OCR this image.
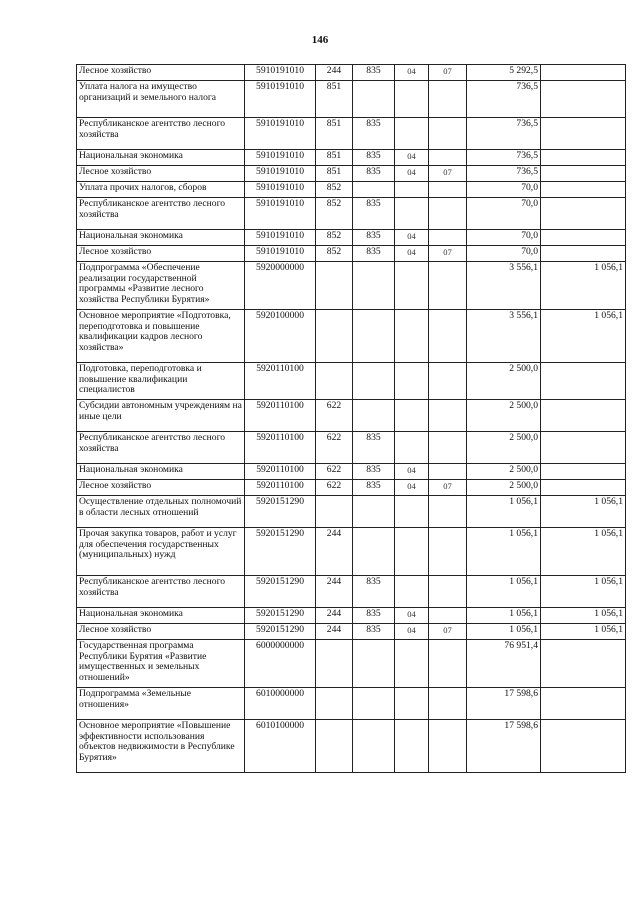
146
Лесное хозяйство	5910191010	244	835	04	07	5 292,5	
Уплата налога на имущество организаций и земельного налога	5910191010	851				736,5	
Республиканское агентство лесного хозяйства	5910191010	851	835			736,5	
Национальная экономика	5910191010	851	835	04		736,5	
Лесное хозяйство	5910191010	851	835	04	07	736,5	
Уплата прочих налогов, сборов	5910191010	852				70,0	
Республиканское агентство лесного хозяйства	5910191010	852	835			70,0	
Национальная экономика	5910191010	852	835	04		70,0	
Лесное хозяйство	5910191010	852	835	04	07	70,0	
Подпрограмма «Обеспечение реализации государственной программы «Развитие лесного хозяйства Республики Бурятия»	5920000000					3 556,1	1 056,1
Основное мероприятие «Подготовка, переподготовка и повышение квалификации кадров лесного хозяйства»	5920100000					3 556,1	1 056,1
Подготовка, переподготовка и повышение квалификации специалистов	5920110100					2 500,0	
Субсидии автономным учреждениям на иные цели	5920110100	622				2 500,0	
Республиканское агентство лесного хозяйства	5920110100	622	835			2 500,0	
Национальная экономика	5920110100	622	835	04		2 500,0	
Лесное хозяйство	5920110100	622	835	04	07	2 500,0	
Осуществление отдельных полномочий в области лесных отношений	5920151290					1 056,1	1 056,1
Прочая закупка товаров, работ и услуг для обеспечения государственных (муниципальных) нужд	5920151290	244				1 056,1	1 056,1
Республиканское агентство лесного хозяйства	5920151290	244	835			1 056,1	1 056,1
Национальная экономика	5920151290	244	835	04		1 056,1	1 056,1
Лесное хозяйство	5920151290	244	835	04	07	1 056,1	1 056,1
Государственная программа Республики Бурятия «Развитие имущественных и земельных отношений»	6000000000					76 951,4	
Подпрограмма «Земельные отношения»	6010000000					17 598,6	
Основное мероприятие «Повышение эффективности использования объектов недвижимости в Республике Бурятия»	6010100000					17 598,6	
